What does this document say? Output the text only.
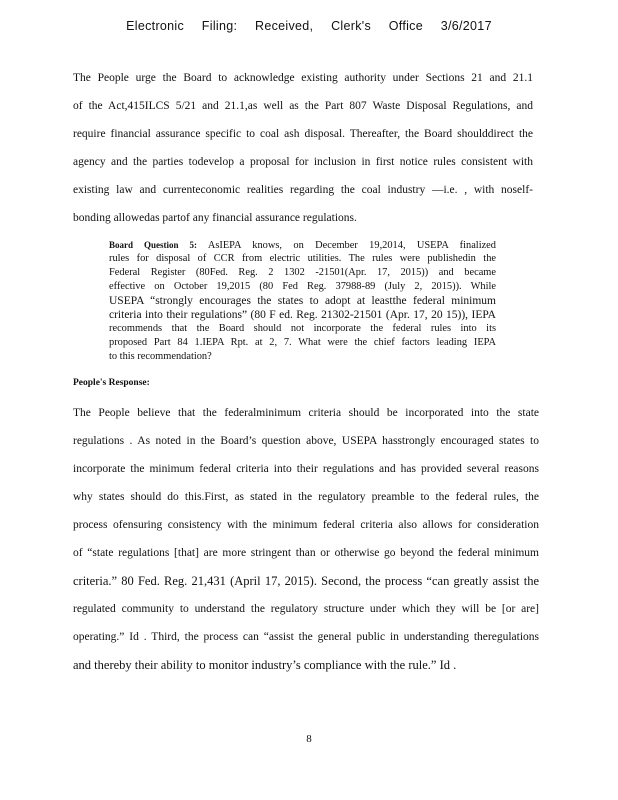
Electronic Filing: Received, Clerk's Office 3/6/2017
The People urge the Board to acknowledge existing authority under Sections 21 and 21.1
of the Act,415ILCS 5/21 and 21.1,as well as the Part 807 Waste Disposal Regulations, and
require financial assurance specific to coal ash disposal. Thereafter, the Board shoulddirect the
agency and the parties todevelop a proposal for inclusion in first notice rules consistent with
existing law and currenteconomic realities regarding the coal industry —i.e. , with noself-
bonding allowedas partof any financial assurance regulations.
Board Question 5: AsIEPA knows, on December 19,2014, USEPA finalized
rules for disposal of CCR from electric utilities. The rules were publishedin the
Federal Register (80Fed. Reg. 2 1302 -21501(Apr. 17, 2015)) and became
effective on October 19,2015 (80 Fed Reg. 37988-89 (July 2, 2015)). While
USEPA “strongly encourages the states to adopt at leastthe federal minimum
criteria into their regulations” (80 F ed. Reg. 21302-21501 (Apr. 17, 20 15)), IEPA
recommends that the Board should not incorporate the federal rules into its
proposed Part 84 1.IEPA Rpt. at 2, 7. What were the chief factors leading IEPA
to this recommendation?
People's Response:
The People believe that the federalminimum criteria should be incorporated into the state
regulations . As noted in the Board’s question above, USEPA hasstrongly encouraged states to
incorporate the minimum federal criteria into their regulations and has provided several reasons
why states should do this.First, as stated in the regulatory preamble to the federal rules, the
process ofensuring consistency with the minimum federal criteria also allows for consideration
of “state regulations [that] are more stringent than or otherwise go beyond the federal minimum
criteria.” 80 Fed. Reg. 21,431 (April 17, 2015). Second, the process “can greatly assist the
regulated community to understand the regulatory structure under which they will be [or are]
operating.” Id . Third, the process can “assist the general public in understanding theregulations
and thereby their ability to monitor industry’s compliance with the rule.” Id .
8
